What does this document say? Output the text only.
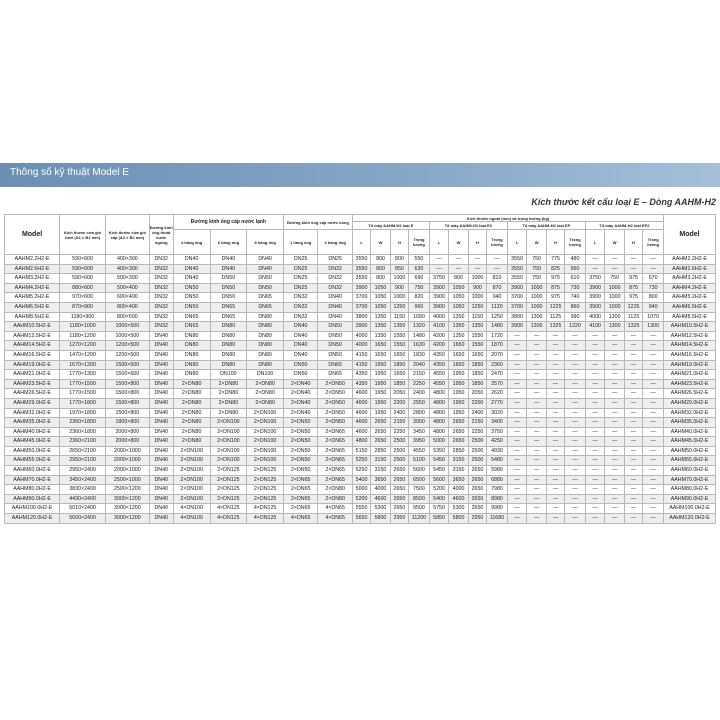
Thông số kỹ thuật Model E
Kích thước kết cấu loại E – Dòng AAHM-H2
Model	Kích thước cửa gió tươi (A1 × B1 mm)	Kích thước cửa gió cấp (A2 × B2 mm)	Đường kính ống thoát nước ngưng	Đường kính ống cấp nước lạnh			Đường kính ống cấp nước nóng		Kích thước ngoài (mm) và trọng lượng (kg)																Model
									Tổ máy AAHM-H2 loại E				Tổ máy AAHM-H2 loại E2				Tổ máy AAHM-H2 loại EP				Tổ máy AAHM-H2 loại EP2				
				4 hàng ống	6 hàng ống	8 hàng ống	1 hàng ống	2 hàng ống	L	W	H	Trọng lượng	L	W	H	Trọng lượng	L	W	H	Trọng lượng	L	W	H	Trọng lượng	
AAHM2.2H2-E	590×600	400×300	DN32	DN40	DN40	DN40	DN25	DN25	3550	800	800	550	—	—	—	—	3550	750	775	480	—	—	—	—	AAHM2.2H2-E
AAHM2.6H2-E	590×600	400×300	DN32	DN40	DN40	DN40	DN25	DN32	3550	800	850	630	—	—	—	—	3550	750	825	560	—	—	—	—	AAHM2.6H2-E
AAHM3.2H2-E	590×600	500×300	DN32	DN40	DN50	DN50	DN25	DN32	3550	800	1000	690	3750	800	1000	810	3550	750	975	610	3750	750	975	670	AAHM3.2H2-E
AAHM4.2H2-E	880×600	500×400	DN32	DN50	DN50	DN50	DN25	DN32	3900	1050	900	750	3900	1050	900	870	3900	1000	875	730	3900	1000	875	730	AAHM4.2H2-E
AAHM5.2H2-E	970×600	600×400	DN32	DN50	DN50	DN65	DN32	DN40	3700	1050	1000	820	3900	1050	1000	940	3700	1000	975	740	3900	1000	975	800	AAHM5.2H2-E
AAHM6.5H2-E	870×900	800×400	DN32	DN50	DN65	DN65	DN32	DN40	3700	1050	1250	960	3900	1050	1250	1120	3700	1000	1225	860	3900	1000	1225	940	AAHM6.5H2-E
AAHM8.5H2-E	1180×900	800×500	DN32	DN65	DN65	DN80	DN32	DN40	3800	1350	1150	1090	4000	1350	1150	1250	3800	1300	1125	990	4000	1300	1125	1070	AAHM8.5H2-E
AAHM10.5H2-E	1180×1000	1000×500	DN32	DN65	DN80	DN80	DN40	DN50	3900	1350	1350	1320	4100	1350	1350	1480	3900	1300	1325	1220	4100	1300	1325	1300	AAHM10.5H2-E
AAHM12.5H2-E	1180×1200	1000×500	DN40	DN80	DN80	DN80	DN40	DN50	4000	1350	1550	1480	4200	1350	1550	1720	—	—	—	—	—	—	—	—	AAHM12.5H2-E
AAHM14.5H2-E	1270×1200	1200×500	DN40	DN80	DN80	DN80	DN40	DN50	4000	1650	1550	1630	4200	1650	1550	1870	—	—	—	—	—	—	—	—	AAHM14.5H2-E
AAHM16.5H2-E	1470×1200	1200×500	DN40	DN80	DN80	DN80	DN40	DN50	4150	1650	1650	1830	4350	1650	1650	2070	—	—	—	—	—	—	—	—	AAHM16.5H2-E
AAHM19.0H2-E	1670×1200	1500×500	DN40	DN80	DN80	DN80	DN50	DN65	4150	1950	1850	2040	4350	1650	1850	2360	—	—	—	—	—	—	—	—	AAHM19.0H2-E
AAHM21.0H2-E	1770×1300	1500×600	DN40	DN80	DN100	DN100	DN50	DN65	4350	1950	1650	2150	4550	1950	1850	2470	—	—	—	—	—	—	—	—	AAHM21.0H2-E
AAHM23.5H2-E	1770×1500	1500×800	DN40	2×DN80	2×DN80	2×DN80	2×DN40	2×DN50	4350	1950	1850	2250	4550	1950	1850	2570	—	—	—	—	—	—	—	—	AAHM23.5H2-E
AAHM26.5H2-E	1770×1500	1500×800	DN40	2×DN80	2×DN80	2×DN80	2×DN40	2×DN50	4600	1950	2050	2400	4800	1950	2050	2620	—	—	—	—	—	—	—	—	AAHM26.5H2-E
AAHM29.0H2-E	1770×1800	1500×800	DN40	2×DN80	2×DN80	2×DN80	2×DN40	2×DN50	4600	1950	2200	2550	4800	1950	2200	2770	—	—	—	—	—	—	—	—	AAHM29.0H2-E
AAHM32.0H2-E	1970×1800	1500×800	DN40	2×DN80	2×DN80	2×DN100	2×DN40	2×DN50	4600	1950	2400	2800	4800	1950	2400	3020	—	—	—	—	—	—	—	—	AAHM32.0H2-E
AAHM35.0H2-E	2360×1800	1800×800	DN40	2×DN80	2×DN100	2×DN100	2×DN50	2×DN50	4600	2650	2150	3000	4800	2650	2150	3400	—	—	—	—	—	—	—	—	AAHM35.0H2-E
AAHM40.0H2-E	2360×1800	2000×800	DN40	2×DN80	2×DN100	2×DN100	2×DN50	2×DN65	4600	2650	2250	3450	4800	2650	2250	3750	—	—	—	—	—	—	—	—	AAHM40.0H2-E
AAHM45.0H2-E	2360×2100	2000×800	DN40	2×DN80	2×DN100	2×DN100	2×DN50	2×DN65	4800	2650	2500	3950	5000	2650	2500	4250	—	—	—	—	—	—	—	—	AAHM45.0H2-E
AAHM50.0H2-E	2650×2100	2000×1000	DN40	2×DN100	2×DN100	2×DN100	2×DN50	2×DN65	5150	2850	2500	4550	5350	2850	2500	4930	—	—	—	—	—	—	—	—	AAHM50.0H2-E
AAHM55.0H2-E	2950×2100	2000×1000	DN40	2×DN100	2×DN100	2×DN100	2×DN50	2×DN65	5250	3150	2500	5100	5450	3150	2500	5480	—	—	—	—	—	—	—	—	AAHM55.0H2-E
AAHM60.0H2-E	2950×2400	2000×1000	DN40	2×DN100	2×DN125	2×DN125	2×DN50	2×DN65	5250	3150	2650	5600	5450	3150	2650	5980	—	—	—	—	—	—	—	—	AAHM60.0H2-E
AAHM70.0H2-E	3450×2400	2500×1000	DN40	2×DN100	2×DN125	2×DN125	2×DN65	2×DN65	5400	3650	2650	6500	5600	3650	2650	6880	—	—	—	—	—	—	—	—	AAHM70.0H2-E
AAHM80.0H2-E	3830×2400	2500×1200	DN40	2×DN100	2×DN125	2×DN125	2×DN65	2×DN80	5000	4000	2650	7500	5200	4000	2650	7980	—	—	—	—	—	—	—	—	AAHM80.0H2-E
AAHM90.0H2-E	4430×2400	3000×1200	DN40	2×DN100	2×DN125	2×DN125	2×DN65	2×DN80	5200	4600	2650	8500	5400	4600	2650	8980	—	—	—	—	—	—	—	—	AAHM90.0H2-E
AAHM100.0H2-E	5010×2400	3000×1200	DN40	4×DN100	4×DN125	4×DN125	2×DN65	4×DN65	5550	5300	2650	9500	5750	5300	2650	9980	—	—	—	—	—	—	—	—	AAHM100.0H2-E
AAHM120.0H2-E	5600×2400	3000×1200	DN40	4×DN100	4×DN125	4×DN125	4×DN65	4×DN65	5650	5800	2950	11200	5850	5800	2950	11680	—	—	—	—	—	—	—	—	AAHM120.0H2-E
